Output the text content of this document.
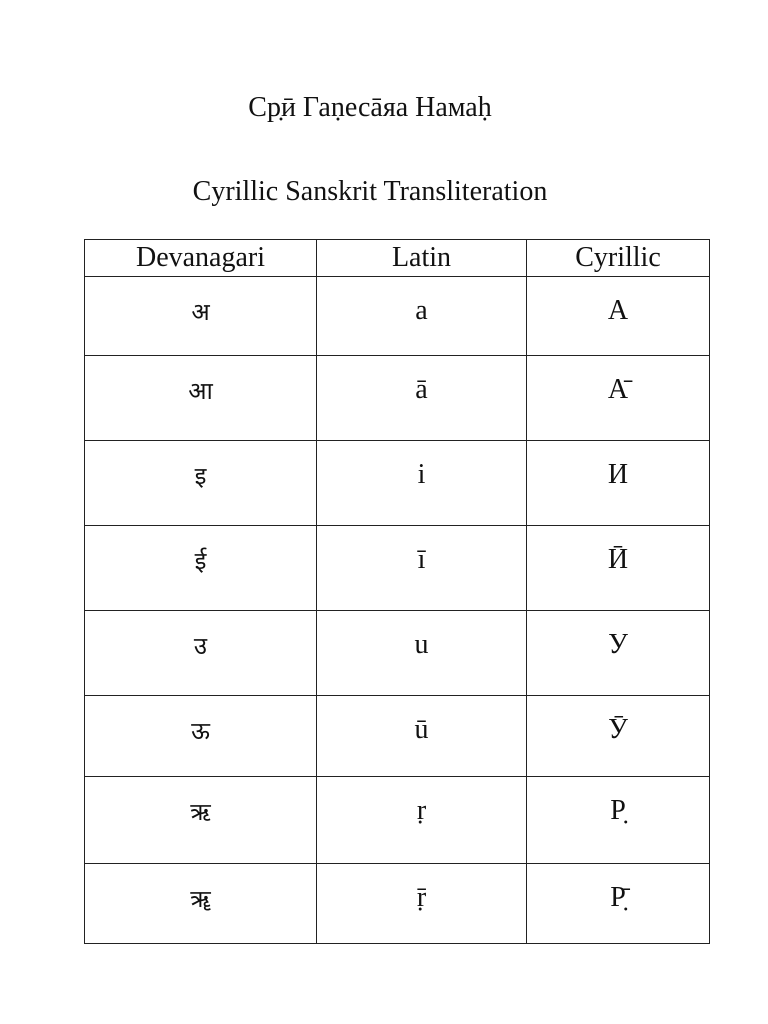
Ср̣ӣ Гаṇесāяа Намаḥ
Cyrillic Sanskrit Transliteration
Devanagari	Latin	Cyrillic

अ	a	А

आ	ā	А̄

इ	i	И

ई	ī	Ӣ

उ	u	У

ऊ	ū	Ӯ

ऋ	ṛ	Р̣

ॠ	ṝ	Р̣̄
